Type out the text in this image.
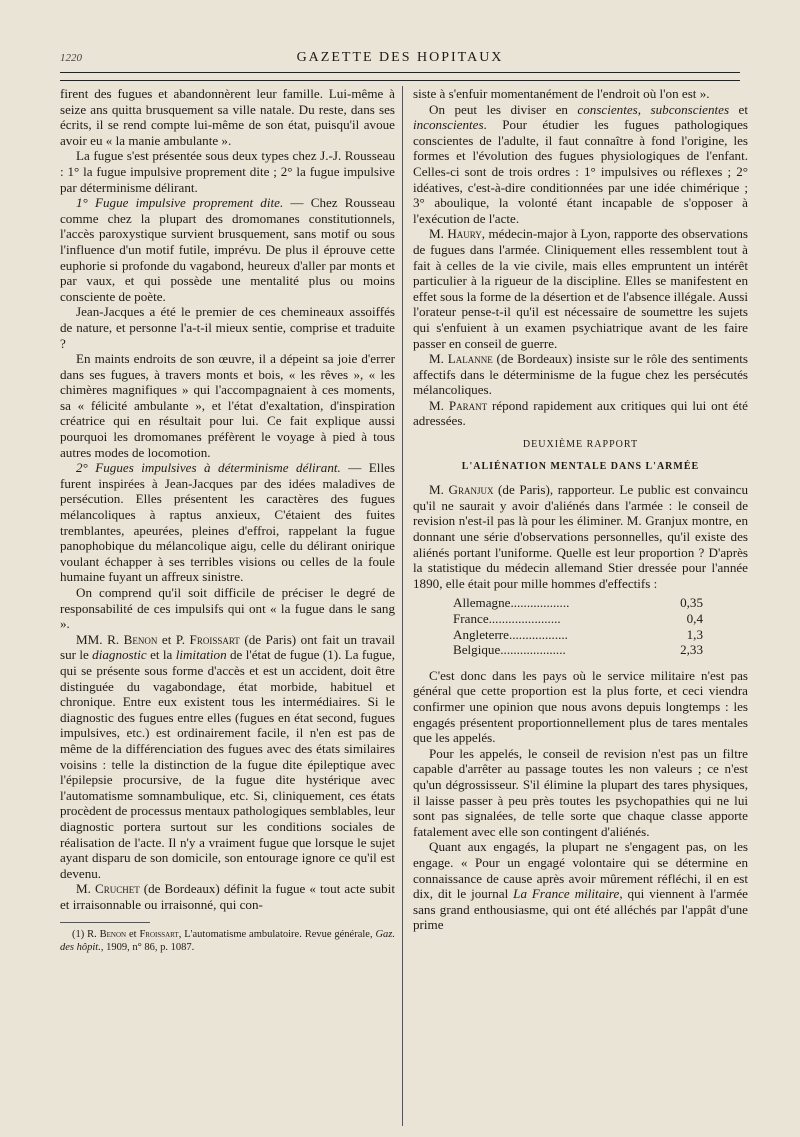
1220	GAZETTE DES HOPITAUX

firent des fugues et abandonnèrent leur famille. Lui-même à seize ans quitta brusquement sa ville natale. Du reste, dans ses écrits, il se rend compte lui-même de son état, puisqu'il avoue avoir eu « la manie ambulante ».

La fugue s'est présentée sous deux types chez J.-J. Rousseau : 1° la fugue impulsive proprement dite ; 2° la fugue impulsive par déterminisme délirant.

1° Fugue impulsive proprement dite. — Chez Rousseau comme chez la plupart des dromomanes constitutionnels, l'accès paroxystique survient brusquement, sans motif ou sous l'influence d'un motif futile, imprévu. De plus il éprouve cette euphorie si profonde du vagabond, heureux d'aller par monts et par vaux, et qui possède une mentalité plus ou moins consciente de poète.

Jean-Jacques a été le premier de ces chemineaux assoiffés de nature, et personne l'a-t-il mieux sentie, comprise et traduite ?

En maints endroits de son œuvre, il a dépeint sa joie d'errer dans ses fugues, à travers monts et bois, « les rêves », « les chimères magnifiques » qui l'accompagnaient à ces moments, sa « félicité ambulante », et l'état d'exaltation, d'inspiration créatrice qui en résultait pour lui. Ce fait explique aussi pourquoi les dromomanes préfèrent le voyage à pied à tous autres modes de locomotion.

2° Fugues impulsives à déterminisme délirant. — Elles furent inspirées à Jean-Jacques par des idées maladives de persécution. Elles présentent les caractères des fugues mélancoliques à raptus anxieux, C'étaient des fuites tremblantes, apeurées, pleines d'effroi, rappelant la fugue panophobique du mélancolique aigu, celle du délirant onirique voulant échapper à ses terribles visions ou celles de la foule humaine fuyant un affreux sinistre.

On comprend qu'il soit difficile de préciser le degré de responsabilité de ces impulsifs qui ont « la fugue dans le sang ».

MM. R. Benon et P. Froissart (de Paris) ont fait un travail sur le diagnostic et la limitation de l'état de fugue (1). La fugue, qui se présente sous forme d'accès et est un accident, doit être distinguée du vagabondage, état morbide, habituel et chronique. Entre eux existent tous les intermédiaires. Si le diagnostic des fugues entre elles (fugues en état second, fugues impulsives, etc.) est ordinairement facile, il n'en est pas de même de la différenciation des fugues avec des états similaires voisins : telle la distinction de la fugue dite épileptique avec l'épilepsie procursive, de la fugue dite hystérique avec l'automatisme somnambulique, etc. Si, cliniquement, ces états procèdent de processus mentaux pathologiques semblables, leur diagnostic portera surtout sur les conditions sociales de réalisation de l'acte. Il n'y a vraiment fugue que lorsque le sujet ayant disparu de son domicile, son entourage ignore ce qu'il est devenu.

M. Cruchet (de Bordeaux) définit la fugue « tout acte subit et irraisonnable ou irraisonné, qui con-

(1) R. Benon et Froissart, L'automatisme ambulatoire. Revue générale, Gaz. des hôpit., 1909, n° 86, p. 1087.

siste à s'enfuir momentanément de l'endroit où l'on est ».

On peut les diviser en conscientes, subconscientes et inconscientes. Pour étudier les fugues pathologiques conscientes de l'adulte, il faut connaître à fond l'origine, les formes et l'évolution des fugues physiologiques de l'enfant. Celles-ci sont de trois ordres : 1° impulsives ou réflexes ; 2° idéatives, c'est-à-dire conditionnées par une idée chimérique ; 3° aboulique, la volonté étant incapable de s'opposer à l'exécution de l'acte.

M. Haury, médecin-major à Lyon, rapporte des observations de fugues dans l'armée. Cliniquement elles ressemblent tout à fait à celles de la vie civile, mais elles empruntent un intérêt particulier à la rigueur de la discipline. Elles se manifestent en effet sous la forme de la désertion et de l'absence illégale. Aussi l'orateur pense-t-il qu'il est nécessaire de soumettre les sujets qui s'enfuient à un examen psychiatrique avant de les faire passer en conseil de guerre.

M. Lalanne (de Bordeaux) insiste sur le rôle des sentiments affectifs dans le déterminisme de la fugue chez les persécutés mélancoliques.

M. Parant répond rapidement aux critiques qui lui ont été adressées.

DEUXIÈME RAPPORT

L'ALIÉNATION MENTALE DANS L'ARMÉE

M. Granjux (de Paris), rapporteur. Le public est convaincu qu'il ne saurait y avoir d'aliénés dans l'armée : le conseil de revision n'est-il pas là pour les éliminer. M. Granjux montre, en donnant une série d'observations personnelles, qu'il existe des aliénés portant l'uniforme. Quelle est leur proportion ? D'après la statistique du médecin allemand Stier dressée pour l'année 1890, elle était pour mille hommes d'effectifs :

Allemagne..................	0,35
France......................	0,4
Angleterre..................	1,3
Belgique....................	2,33

C'est donc dans les pays où le service militaire n'est pas général que cette proportion est la plus forte, et ceci viendra confirmer une opinion que nous avons depuis longtemps : les engagés présentent proportionnellement plus de tares mentales que les appelés.

Pour les appelés, le conseil de revision n'est pas un filtre capable d'arrêter au passage toutes les non valeurs ; ce n'est qu'un dégrossisseur. S'il élimine la plupart des tares physiques, il laisse passer à peu près toutes les psychopathies qui ne lui sont pas signalées, de telle sorte que chaque classe apporte fatalement avec elle son contingent d'aliénés.

Quant aux engagés, la plupart ne s'engagent pas, on les engage. « Pour un engagé volontaire qui se détermine en connaissance de cause après avoir mûrement réfléchi, il en est dix, dit le journal La France militaire, qui viennent à l'armée sans grand enthousiasme, qui ont été alléchés par l'appât d'une prime
